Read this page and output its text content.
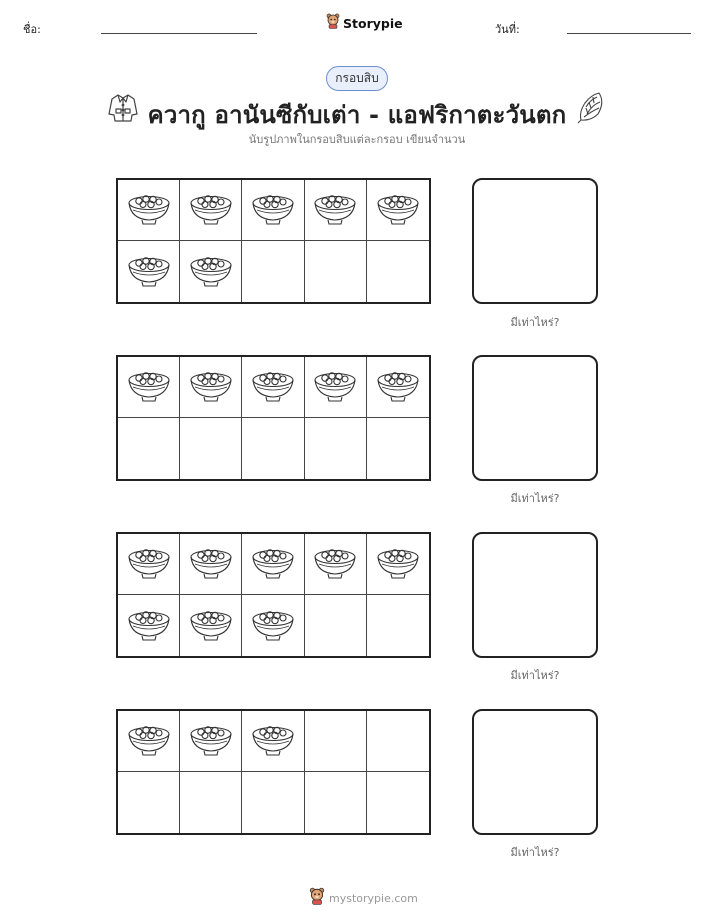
ชื่อ:	Storypie	วันที่:
กรอบสิบ
ควากู อานันซีกับเต่า - แอฟริกาตะวันตก
นับรูปภาพในกรอบสิบแต่ละกรอบ เขียนจำนวน
มีเท่าไหร่?
มีเท่าไหร่?
มีเท่าไหร่?
มีเท่าไหร่?
mystorypie.com
